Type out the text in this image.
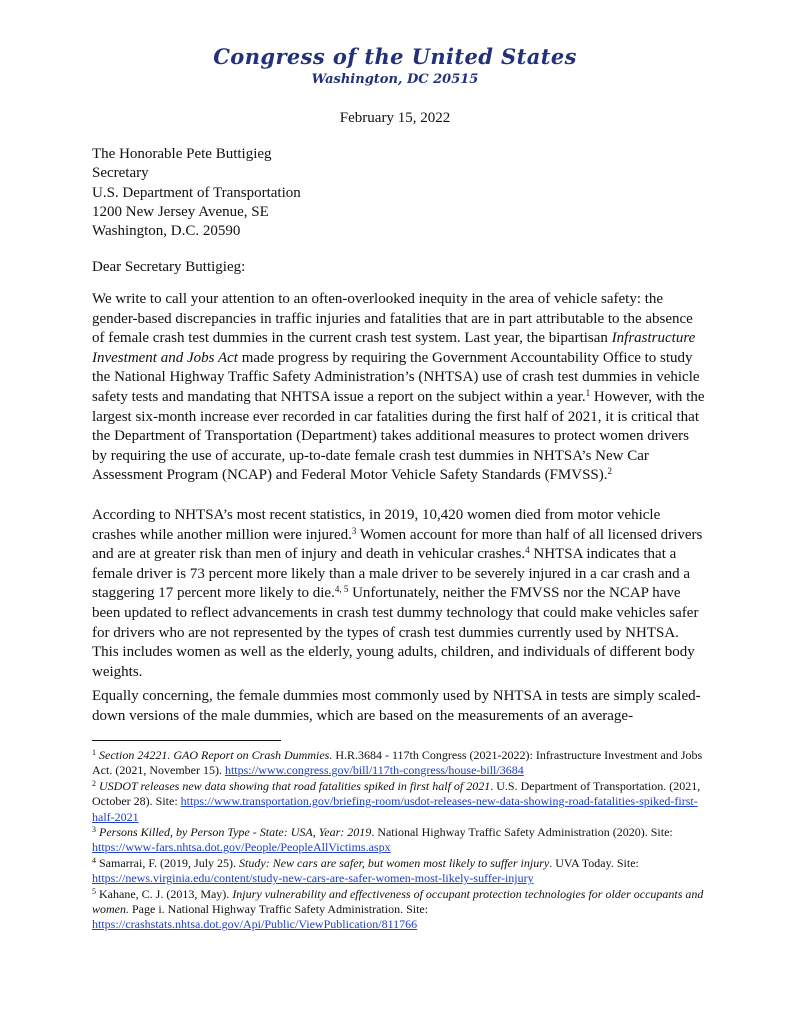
Congress of the United States
Washington, DC 20515
February 15, 2022
The Honorable Pete Buttigieg
Secretary
U.S. Department of Transportation
1200 New Jersey Avenue, SE
Washington, D.C. 20590
Dear Secretary Buttigieg:
We write to call your attention to an often-overlooked inequity in the area of vehicle safety: the gender-based discrepancies in traffic injuries and fatalities that are in part attributable to the absence of female crash test dummies in the current crash test system. Last year, the bipartisan Infrastructure Investment and Jobs Act made progress by requiring the Government Accountability Office to study the National Highway Traffic Safety Administration’s (NHTSA) use of crash test dummies in vehicle safety tests and mandating that NHTSA issue a report on the subject within a year.$^1$ However, with the largest six-month increase ever recorded in car fatalities during the first half of 2021, it is critical that the Department of Transportation (Department) takes additional measures to protect women drivers by requiring the use of accurate, up-to-date female crash test dummies in NHTSA’s New Car Assessment Program (NCAP) and Federal Motor Vehicle Safety Standards (FMVSS).$^2$
According to NHTSA’s most recent statistics, in 2019, 10,420 women died from motor vehicle crashes while another million were injured.$^3$ Women account for more than half of all licensed drivers and are at greater risk than men of injury and death in vehicular crashes.$^4$ NHTSA indicates that a female driver is 73 percent more likely than a male driver to be severely injured in a car crash and a staggering 17 percent more likely to die.$^{4, 5}$ Unfortunately, neither the FMVSS nor the NCAP have been updated to reflect advancements in crash test dummy technology that could make vehicles safer for drivers who are not represented by the types of crash test dummies currently used by NHTSA. This includes women as well as the elderly, young adults, children, and individuals of different body weights.
Equally concerning, the female dummies most commonly used by NHTSA in tests are simply scaled-down versions of the male dummies, which are based on the measurements of an average-

$^1$ Section 24221. GAO Report on Crash Dummies. H.R.3684 - 117th Congress (2021-2022): Infrastructure Investment and Jobs Act. (2021, November 15). https://www.congress.gov/bill/117th-congress/house-bill/3684

$^2$ USDOT releases new data showing that road fatalities spiked in first half of 2021. U.S. Department of Transportation. (2021, October 28). Site: https://www.transportation.gov/briefing-room/usdot-releases-new-data-showing-road-fatalities-spiked-first-half-2021

$^3$ Persons Killed, by Person Type - State: USA, Year: 2019. National Highway Traffic Safety Administration (2020). Site: https://www-fars.nhtsa.dot.gov/People/PeopleAllVictims.aspx

$^4$ Samarrai, F. (2019, July 25). Study: New cars are safer, but women most likely to suffer injury. UVA Today. Site: https://news.virginia.edu/content/study-new-cars-are-safer-women-most-likely-suffer-injury

$^5$ Kahane, C. J. (2013, May). Injury vulnerability and effectiveness of occupant protection technologies for older occupants and women. Page i. National Highway Traffic Safety Administration. Site: https://crashstats.nhtsa.dot.gov/Api/Public/ViewPublication/811766
